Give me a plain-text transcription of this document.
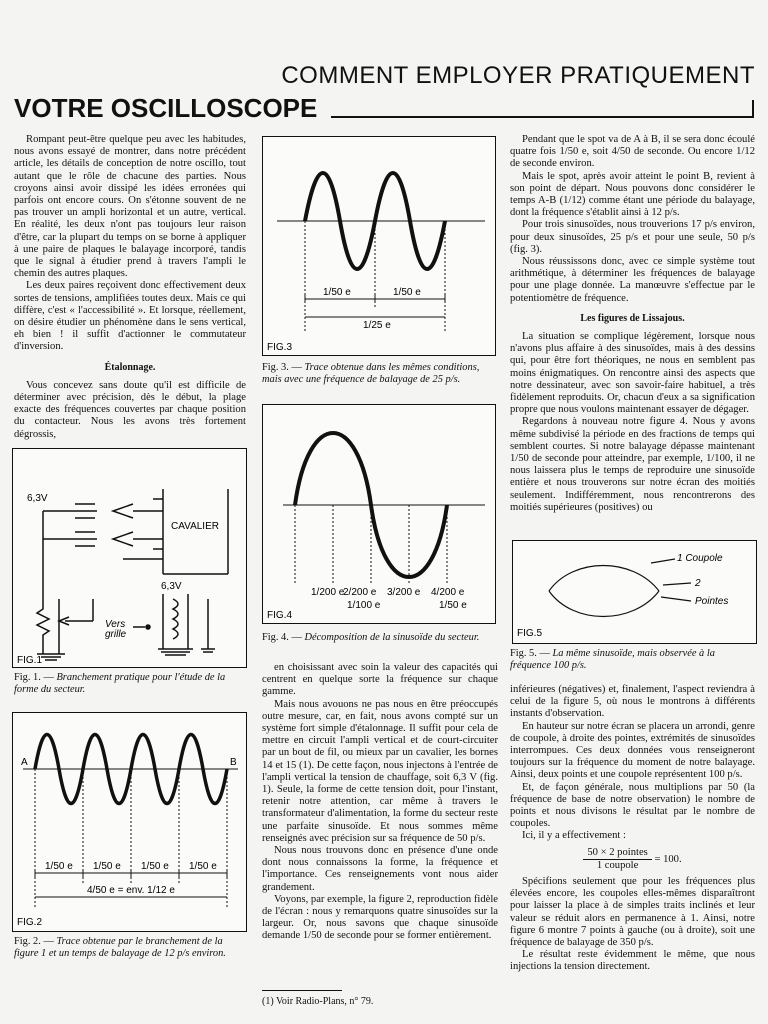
COMMENT EMPLOYER PRATIQUEMENT
VOTRE OSCILLOSCOPE

Rompant peut-être quelque peu avec les habitudes, nous avons essayé de montrer, dans notre précédent article, les détails de conception de notre oscillo, tout autant que le rôle de chacune des parties. Nous croyons ainsi avoir dissipé les idées erronées qui parfois ont encore cours. On s'étonne souvent de ne pas trouver un ampli horizontal et un autre, vertical. En réalité, les deux n'ont pas toujours leur raison d'être, car la plupart du temps on se borne à appliquer à une paire de plaques le balayage incorporé, tandis que le signal à étudier prend à travers l'ampli le chemin des autres plaques.

Les deux paires reçoivent donc effectivement deux sortes de tensions, amplifiées toutes deux. Mais ce qui diffère, c'est « l'accessibilité ». Et lorsque, réellement, on désire étudier un phénomène dans le sens vertical, eh bien ! il suffit d'actionner le commutateur d'inversion.

Étalonnage.

Vous concevez sans doute qu'il est difficile de déterminer avec précision, dès le début, la plage exacte des fréquences couvertes par chaque position du contacteur. Nous les avons très fortement dégrossis,

6,3V
CAVALIER
Vers
grille
6,3V
FIG.1
Fig. 1. — Branchement pratique pour l'étude de la forme du secteur.
A	B
1/50 e 1/50 e 1/50 e 1/50 e
4/50 e = env. 1/12 e
FIG.2
Fig. 2. — Trace obtenue par le branchement de la figure 1 et un temps de balayage de 12 p/s environ.
1/50 e	1/50 e
1/25 e
FIG.3
Fig. 3. — Trace obtenue dans les mêmes conditions, mais avec une fréquence de balayage de 25 p/s.
1/200 e
2/200 e
1/100 e
3/200 e 4/200 e
1/50 e
FIG.4
Fig. 4. — Décomposition de la sinusoïde du secteur.

en choisissant avec soin la valeur des capacités qui centrent en quelque sorte la fréquence sur chaque gamme.

Mais nous avouons ne pas nous en être préoccupés outre mesure, car, en fait, nous avons compté sur un système fort simple d'étalonnage. Il suffit pour cela de mettre en circuit l'ampli vertical et de court-circuiter par un bout de fil, ou mieux par un cavalier, les bornes 14 et 15 (1). De cette façon, nous injectons à l'entrée de l'ampli vertical la tension de chauffage, soit 6,3 V (fig. 1). Seule, la forme de cette tension doit, pour l'instant, retenir notre attention, car même à travers le transformateur d'alimentation, la forme du secteur reste une parfaite sinusoïde. Et nous sommes même renseignés avec précision sur sa fréquence de 50 p/s.

Nous nous trouvons donc en présence d'une onde dont nous connaissons la forme, la fréquence et l'importance. Ces renseignements vont nous aider grandement.

Voyons, par exemple, la figure 2, reproduction fidèle de l'écran : nous y remarquons quatre sinusoïdes sur la largeur. Or, nous savons que chaque sinusoïde demande 1/50 de seconde pour se former entièrement.

(1) Voir Radio-Plans, n° 79.

Pendant que le spot va de A à B, il se sera donc écoulé quatre fois 1/50 e, soit 4/50 de seconde. Ou encore 1/12 de seconde environ.

Mais le spot, après avoir atteint le point B, revient à son point de départ. Nous pouvons donc considérer le temps A-B (1/12) comme étant une période du balayage, dont la fréquence s'établit ainsi à 12 p/s.

Pour trois sinusoïdes, nous trouverions 17 p/s environ, pour deux sinusoïdes, 25 p/s et pour une seule, 50 p/s (fig. 3).

Nous réussissons donc, avec ce simple système tout arithmétique, à déterminer les fréquences de balayage pour une plage donnée. La manœuvre s'effectue par le potentiomètre de fréquence.

Les figures de Lissajous.

La situation se complique légèrement, lorsque nous n'avons plus affaire à des sinusoïdes, mais à des dessins qui, pour être fort théoriques, ne nous en semblent pas moins énigmatiques. On rencontre ainsi des aspects que notre dessinateur, avec son savoir-faire habituel, a très fidèlement reproduits. Or, chacun d'eux a sa signification propre que nous voulons maintenant essayer de dégager.

Regardons à nouveau notre figure 4. Nous y avons même subdivisé la période en des fractions de temps qui semblent courtes. Si notre balayage dépasse maintenant 1/50 de seconde pour atteindre, par exemple, 1/100, il ne nous laissera plus le temps de reproduire une sinusoïde entière et nous trouverons sur notre écran des moitiés seulement. Indifféremment, nous rencontrerons des moitiés supérieures (positives) ou

1 Coupole
2
Pointes
FIG.5
Fig. 5. — La même sinusoïde, mais observée à la fréquence 100 p/s.

inférieures (négatives) et, finalement, l'aspect reviendra à celui de la figure 5, où nous le montrons à différents instants d'observation.

En hauteur sur notre écran se placera un arrondi, genre de coupole, à droite des pointes, extrémités de sinusoïdes interrompues. Ces deux données vous renseigneront toujours sur la fréquence du moment de notre balayage. Ainsi, deux points et une coupole représentent 100 p/s.

Et, de façon générale, nous multiplions par 50 (la fréquence de base de notre observation) le nombre de points et nous divisons le résultat par le nombre de coupoles.

Ici, il y a effectivement :

$\frac{\text{50 × 2 pointes}}{\text{1 coupole}} = 100$.

Spécifions seulement que pour les fréquences plus élevées encore, les coupoles elles-mêmes disparaîtront pour laisser la place à de simples traits inclinés et leur valeur se réduit alors en permanence à 1. Ainsi, notre figure 6 montre 7 points à gauche (ou à droite), soit une fréquence de balayage de 350 p/s.

Le résultat reste évidemment le même, que nous injections la tension directement.
